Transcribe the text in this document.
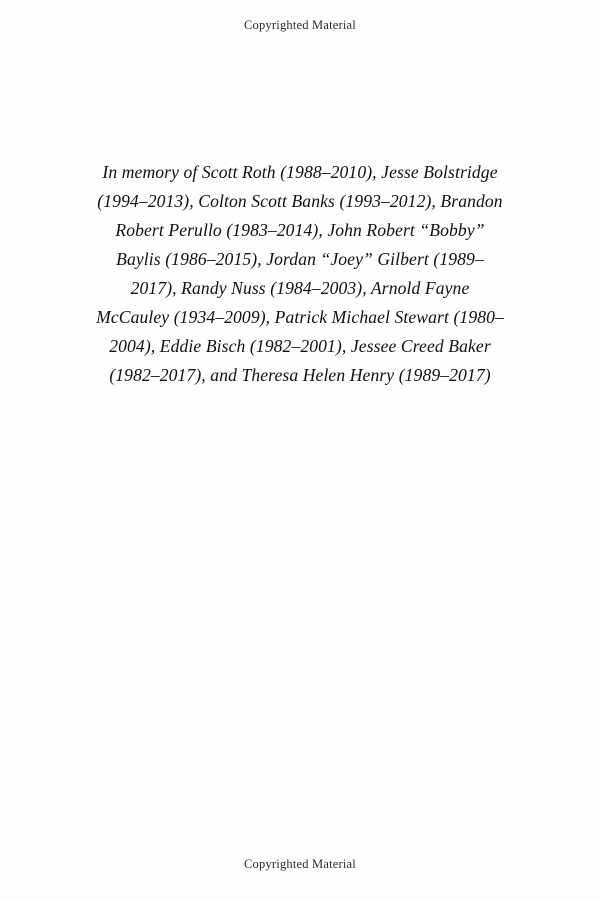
Copyrighted Material
In memory of Scott Roth (1988–2010), Jesse Bolstridge (1994–2013), Colton Scott Banks (1993–2012), Brandon Robert Perullo (1983–2014), John Robert “Bobby” Baylis (1986–2015), Jordan “Joey” Gilbert (1989–2017), Randy Nuss (1984–2003), Arnold Fayne McCauley (1934–2009), Patrick Michael Stewart (1980–2004), Eddie Bisch (1982–2001), Jessee Creed Baker (1982–2017), and Theresa Helen Henry (1989–2017)
Copyrighted Material
